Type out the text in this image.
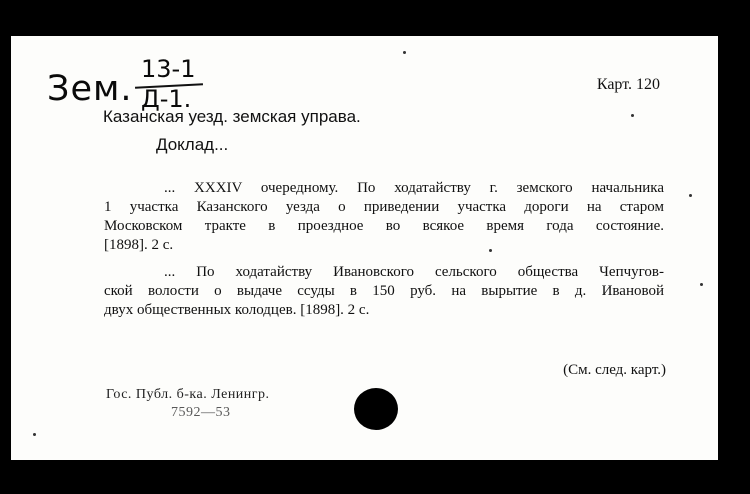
Зем. 13-1
Д-1.
Карт. 120
Казанская уезд. земская управа.
Доклад...

... XXXIV очередному. По ходатайству г. земского начальника
1 участка Казанского уезда о приведении участка дороги на старом
Московском тракте в проездное во всякое время года состояние.
[1898]. 2 с.

... По ходатайству Ивановского сельского общества Чепчугов-
ской волости о выдаче ссуды в 150 руб. на вырытие в д. Ивановой
двух общественных колодцев. [1898]. 2 с.

(См. след. карт.)
Гос. Публ. б-ка. Ленингр.
7592—53
